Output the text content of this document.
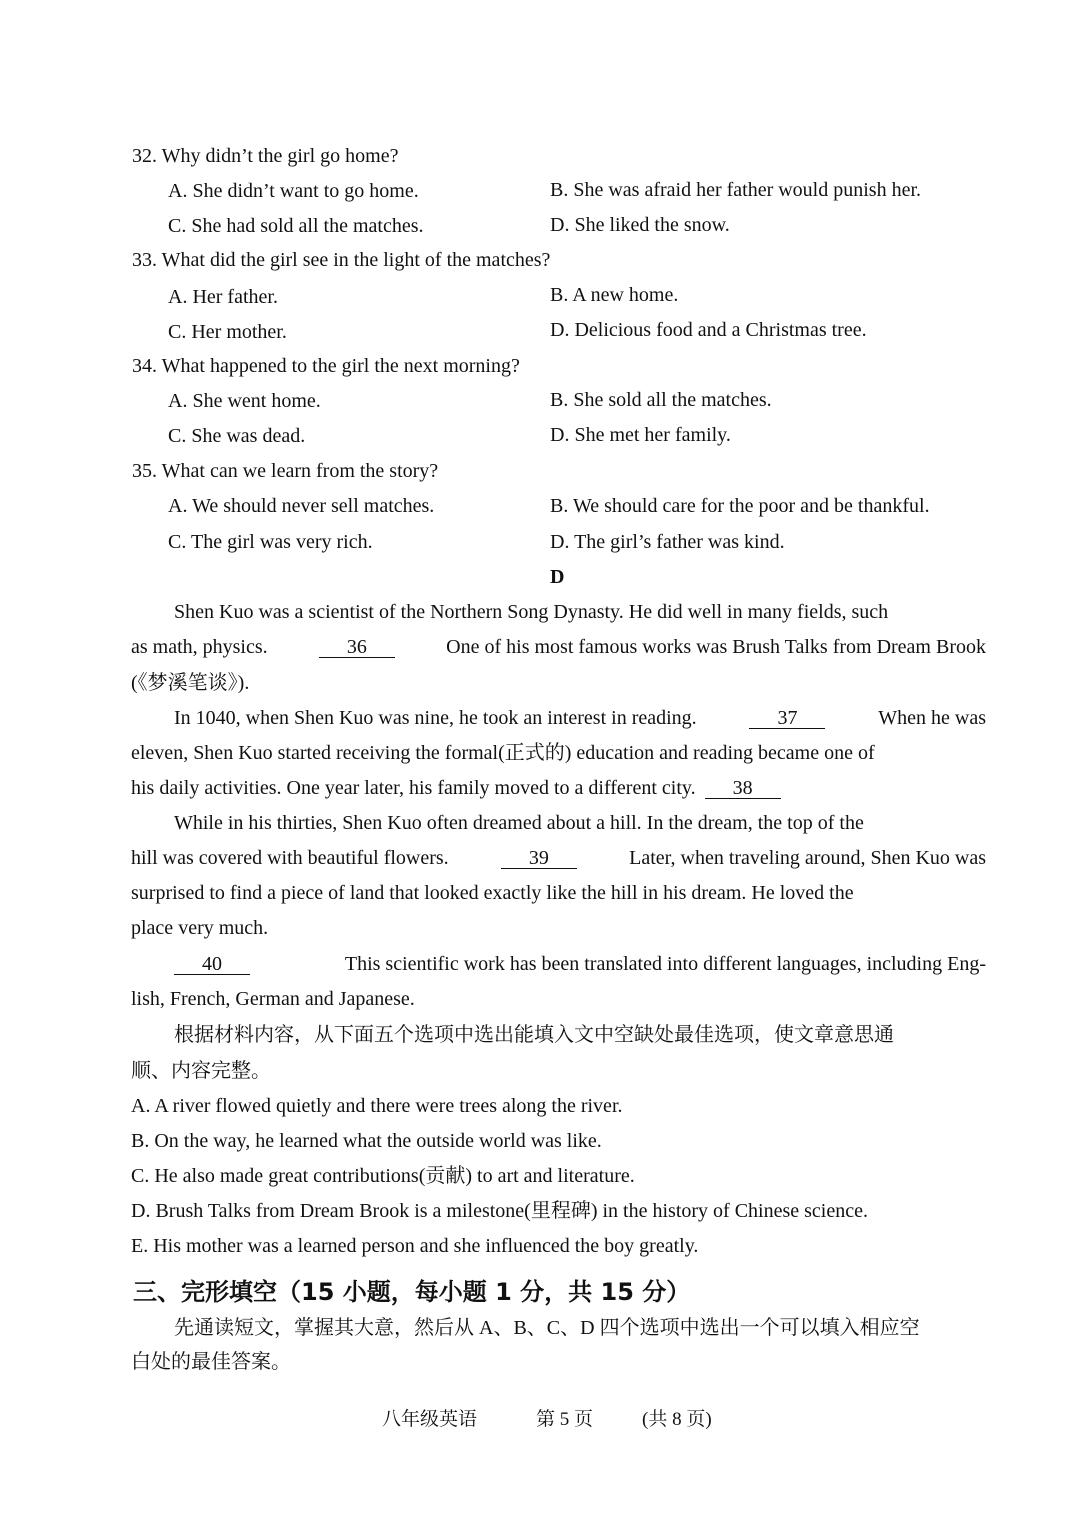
32. Why didn’t the girl go home?
A. She didn’t want to go home.	B. She was afraid her father would punish her.
C. She had sold all the matches.	D. She liked the snow.
33. What did the girl see in the light of the matches?
A. Her father.	B. A new home.
C. Her mother.	D. Delicious food and a Christmas tree.
34. What happened to the girl the next morning?
A. She went home.	B. She sold all the matches.
C. She was dead.	D. She met her family.
35. What can we learn from the story?
A. We should never sell matches.	B. We should care for the poor and be thankful.
C. The girl was very rich.	D. The girl’s father was kind.
D
Shen Kuo was a scientist of the Northern Song Dynasty. He did well in many fields, such
as math, physics.	36	One of his most famous works was Brush Talks from Dream Brook
(《梦溪笔谈》).
In 1040, when Shen Kuo was nine, he took an interest in reading.	37	When he was
eleven, Shen Kuo started receiving the formal(正式的) education and reading became one of
his daily activities. One year later, his family moved to a different city. 38
While in his thirties, Shen Kuo often dreamed about a hill. In the dream, the top of the
hill was covered with beautiful flowers.	39	Later, when traveling around, Shen Kuo was
surprised to find a piece of land that looked exactly like the hill in his dream. He loved the
place very much.
40	This scientific work has been translated into different languages, including Eng-
lish, French, German and Japanese.
根据材料内容，从下面五个选项中选出能填入文中空缺处最佳选项，使文章意思通
顺、内容完整。
A. A river flowed quietly and there were trees along the river.
B. On the way, he learned what the outside world was like.
C. He also made great contributions(贡献) to art and literature.
D. Brush Talks from Dream Brook is a milestone(里程碑) in the history of Chinese science.
E. His mother was a learned person and she influenced the boy greatly.
三、完形填空（15 小题，每小题 1 分，共 15 分）
先通读短文，掌握其大意，然后从 A、B、C、D 四个选项中选出一个可以填入相应空
白处的最佳答案。
八年级英语	第 5 页	(共 8 页)
